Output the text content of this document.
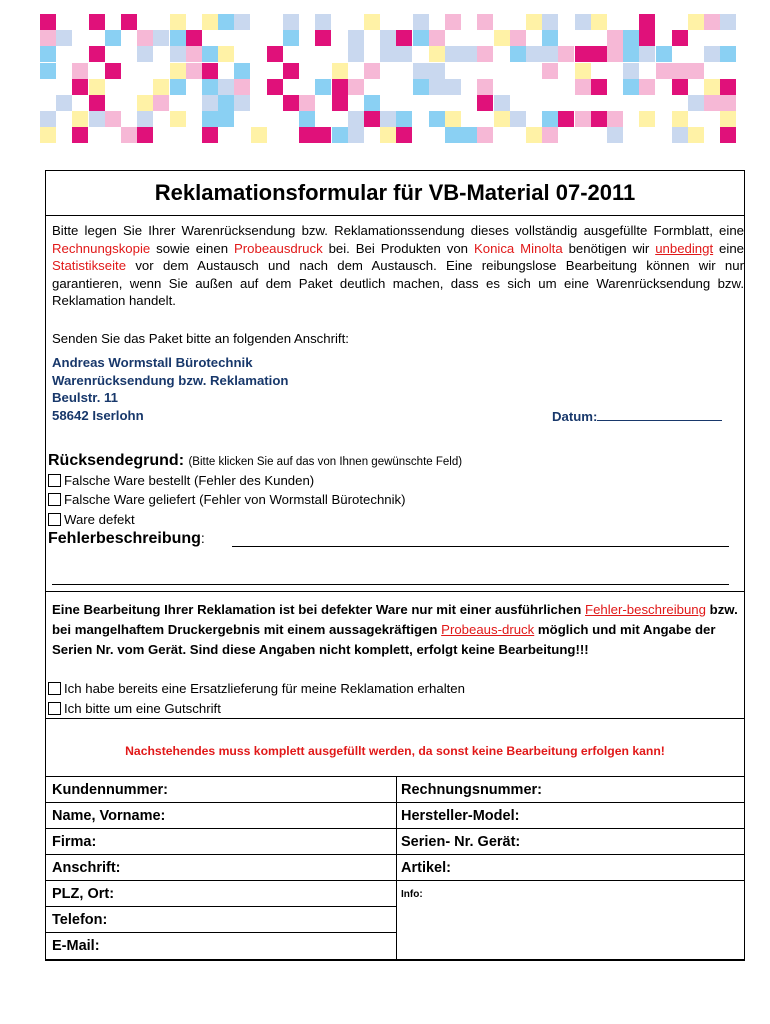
Reklamationsformular für VB-Material 07-2011
Bitte legen Sie Ihrer Warenrücksendung bzw. Reklamationssendung dieses vollständig ausgefüllte Formblatt, eine Rechnungskopie sowie einen Probeausdruck bei. Bei Produkten von Konica Minolta benötigen wir unbedingt eine Statistikseite vor dem Austausch und nach dem Austausch. Eine reibungslose Bearbeitung können wir nur garantieren, wenn Sie außen auf dem Paket deutlich machen, dass es sich um eine Warenrücksendung bzw. Reklamation handelt.
Senden Sie das Paket bitte an folgenden Anschrift:
Andreas Wormstall Bürotechnik
Warenrücksendung bzw. Reklamation
Beulstr. 11
58642 Iserlohn	Datum:
Rücksendegrund: (Bitte klicken Sie auf das von Ihnen gewünschte Feld)
Falsche Ware bestellt (Fehler des Kunden)
Falsche Ware geliefert (Fehler von Wormstall Bürotechnik)
Ware defekt
Fehlerbeschreibung:
Eine Bearbeitung Ihrer Reklamation ist bei defekter Ware nur mit einer ausführlichen Fehler-beschreibung bzw. bei mangelhaftem Druckergebnis mit einem aussagekräftigen Probeaus-druck möglich und mit Angabe der Serien Nr. vom Gerät. Sind diese Angaben nicht komplett, erfolgt keine Bearbeitung!!!
Ich habe bereits eine Ersatzlieferung für meine Reklamation erhalten
Ich bitte um eine Gutschrift
Nachstehendes muss komplett ausgefüllt werden, da sonst keine Bearbeitung erfolgen kann!
Kundennummer:
Name, Vorname:
Firma:
Anschrift:
PLZ, Ort:
Telefon:
E-Mail:
Rechnungsnummer:
Hersteller-Model:
Serien- Nr. Gerät:
Artikel:
Info:
